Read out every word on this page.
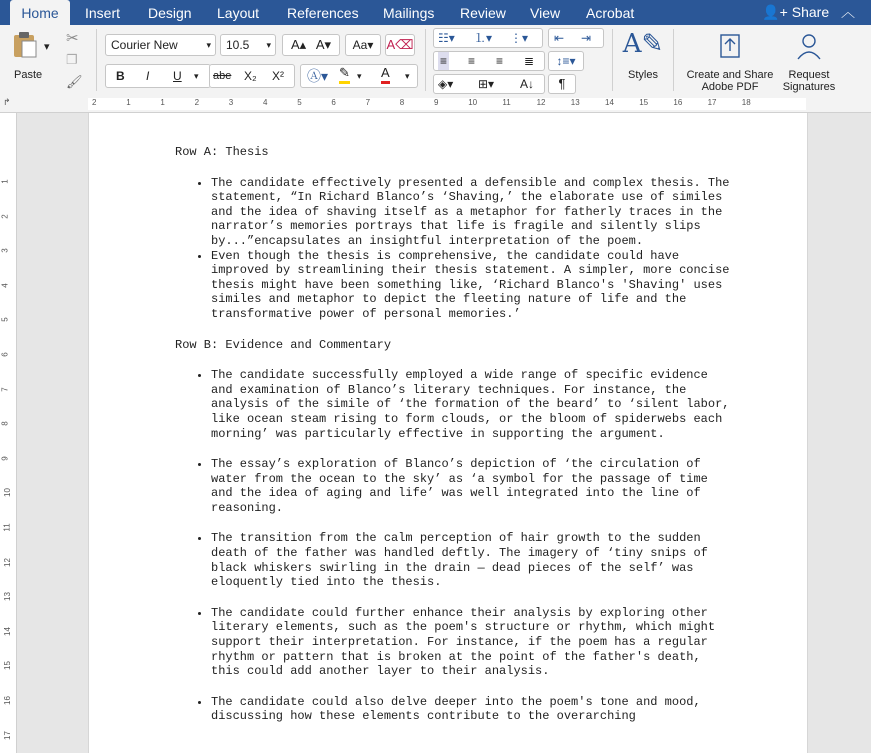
Home	Insert Design Layout References Mailings Review View Acrobat	👤+ Share ︿
▾
Paste
✂
❐
🖌
Courier New	▾	10.5 ▾	A▴ A▾	Aa▾	A⌫
B I U ▾ abe X₂ X² Ⓐ▾ ✎ ▾ A ▾
☷▾ ⒈▾ ⋮▾ ⇤ ⇥
≡ ≡ ≡ ≣	↕≡▾
◈▾ ⊞▾ A↓	¶
A✎
Styles	Create and Share
Adobe PDF
Request
Signatures
↱	2	1	1	2	3	4	5	6	7	8	9	10	11	12	13	14	15	16	17	18
1
2
3
4
5
6
7
8
9
10
11
12
13
14
15
16
17
Row A: Thesis
• The candidate effectively presented a defensible and complex thesis. The statement, “In Richard Blanco’s ‘Shaving,’ the elaborate use of similes and the idea of shaving itself as a metaphor for fatherly traces in the narrator’s memories portrays that life is fragile and silently slips by...”encapsulates an insightful interpretation of the poem.
• Even though the thesis is comprehensive, the candidate could have improved by streamlining their thesis statement. A simpler, more concise thesis might have been something like, ‘Richard Blanco's 'Shaving' uses similes and metaphor to depict the fleeting nature of life and the transformative power of personal memories.’
Row B: Evidence and Commentary
• The candidate successfully employed a wide range of specific evidence and examination of Blanco’s literary techniques. For instance, the analysis of the simile of ‘the formation of the beard’ to ‘silent labor, like ocean steam rising to form clouds, or the bloom of spiderwebs each morning’ was particularly effective in supporting the argument.
• The essay’s exploration of Blanco’s depiction of ‘the circulation of water from the ocean to the sky’ as ‘a symbol for the passage of time and the idea of aging and life’ was well integrated into the line of reasoning.
• The transition from the calm perception of hair growth to the sudden death of the father was handled deftly. The imagery of ‘tiny snips of black whiskers swirling in the drain — dead pieces of the self’ was eloquently tied into the thesis.
• The candidate could further enhance their analysis by exploring other literary elements, such as the poem's structure or rhythm, which might support their interpretation. For instance, if the poem has a regular rhythm or pattern that is broken at the point of the father's death, this could add another layer to their analysis.
• The candidate could also delve deeper into the poem's tone and mood, discussing how these elements contribute to the overarching
